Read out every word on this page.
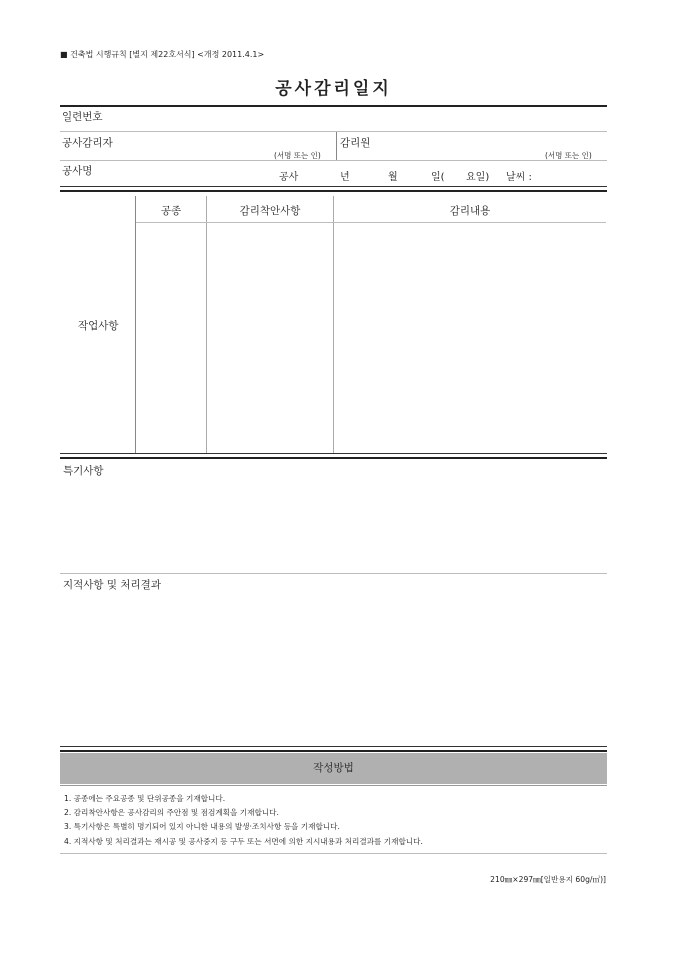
■ 건축법 시행규칙 [별지 제22호서식] <개정 2011.4.1>
공사감리일지
일련번호
공사감리자
(서명 또는 인)
감리원
(서명 또는 인)
공사명
공사	년	월	일( 요일) 날씨 :
작업사항
공종	감리착안사항	감리내용
특기사항
지적사항 및 처리결과
작성방법
1. 공종에는 주요공종 및 단위공종을 기재합니다.
2. 감리착안사항은 공사감리의 주안점 및 점검계획을 기재합니다.
3. 특기사항은 특별히 명기되어 있지 아니한 내용의 발생·조치사항 등을 기재합니다.
4. 지적사항 및 처리결과는 재시공 및 공사중지 등 구두 또는 서면에 의한 지시내용과 처리결과를 기재합니다.
210㎜×297㎜[일반용지 60g/㎡)]
